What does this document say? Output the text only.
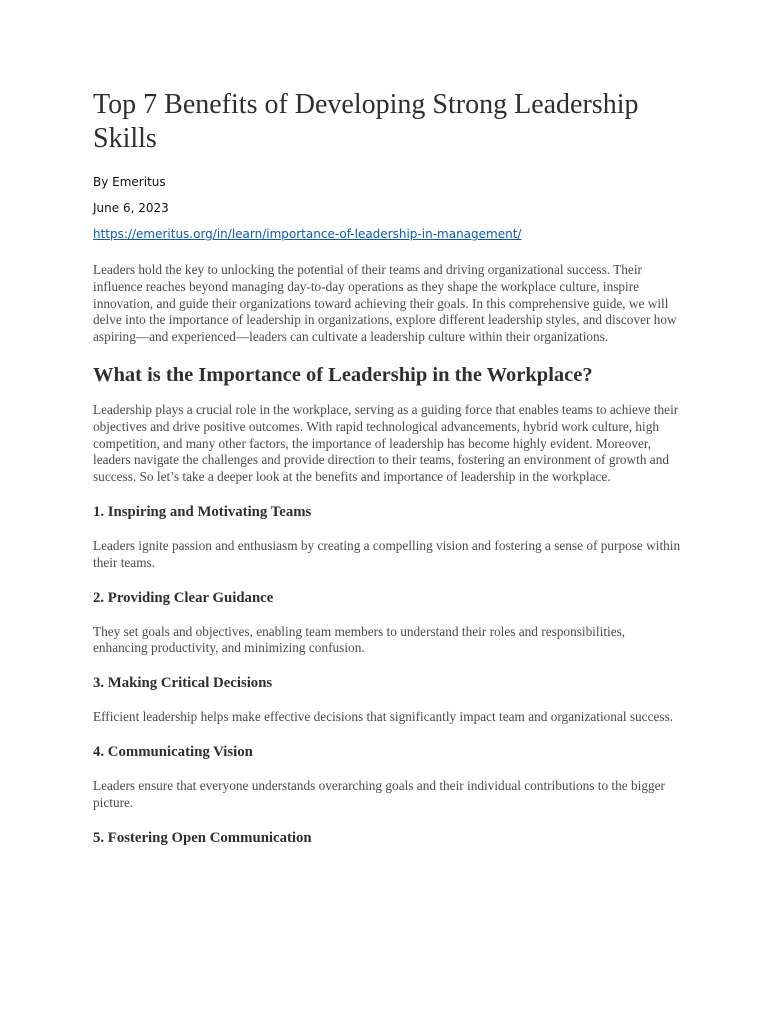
Top 7 Benefits of Developing Strong Leadership Skills

By Emeritus

June 6, 2023

https://emeritus.org/in/learn/importance-of-leadership-in-management/

Leaders hold the key to unlocking the potential of their teams and driving organizational success. Their influence reaches beyond managing day-to-day operations as they shape the workplace culture, inspire innovation, and guide their organizations toward achieving their goals. In this comprehensive guide, we will delve into the importance of leadership in organizations, explore different leadership styles, and discover how aspiring—and experienced—leaders can cultivate a leadership culture within their organizations.

What is the Importance of Leadership in the Workplace?

Leadership plays a crucial role in the workplace, serving as a guiding force that enables teams to achieve their objectives and drive positive outcomes. With rapid technological advancements, hybrid work culture, high competition, and many other factors, the importance of leadership has become highly evident. Moreover, leaders navigate the challenges and provide direction to their teams, fostering an environment of growth and success. So let’s take a deeper look at the benefits and importance of leadership in the workplace.

1. Inspiring and Motivating Teams

Leaders ignite passion and enthusiasm by creating a compelling vision and fostering a sense of purpose within their teams.

2. Providing Clear Guidance

They set goals and objectives, enabling team members to understand their roles and responsibilities, enhancing productivity, and minimizing confusion.

3. Making Critical Decisions

Efficient leadership helps make effective decisions that significantly impact team and organizational success.

4. Communicating Vision

Leaders ensure that everyone understands overarching goals and their individual contributions to the bigger picture.

5. Fostering Open Communication
